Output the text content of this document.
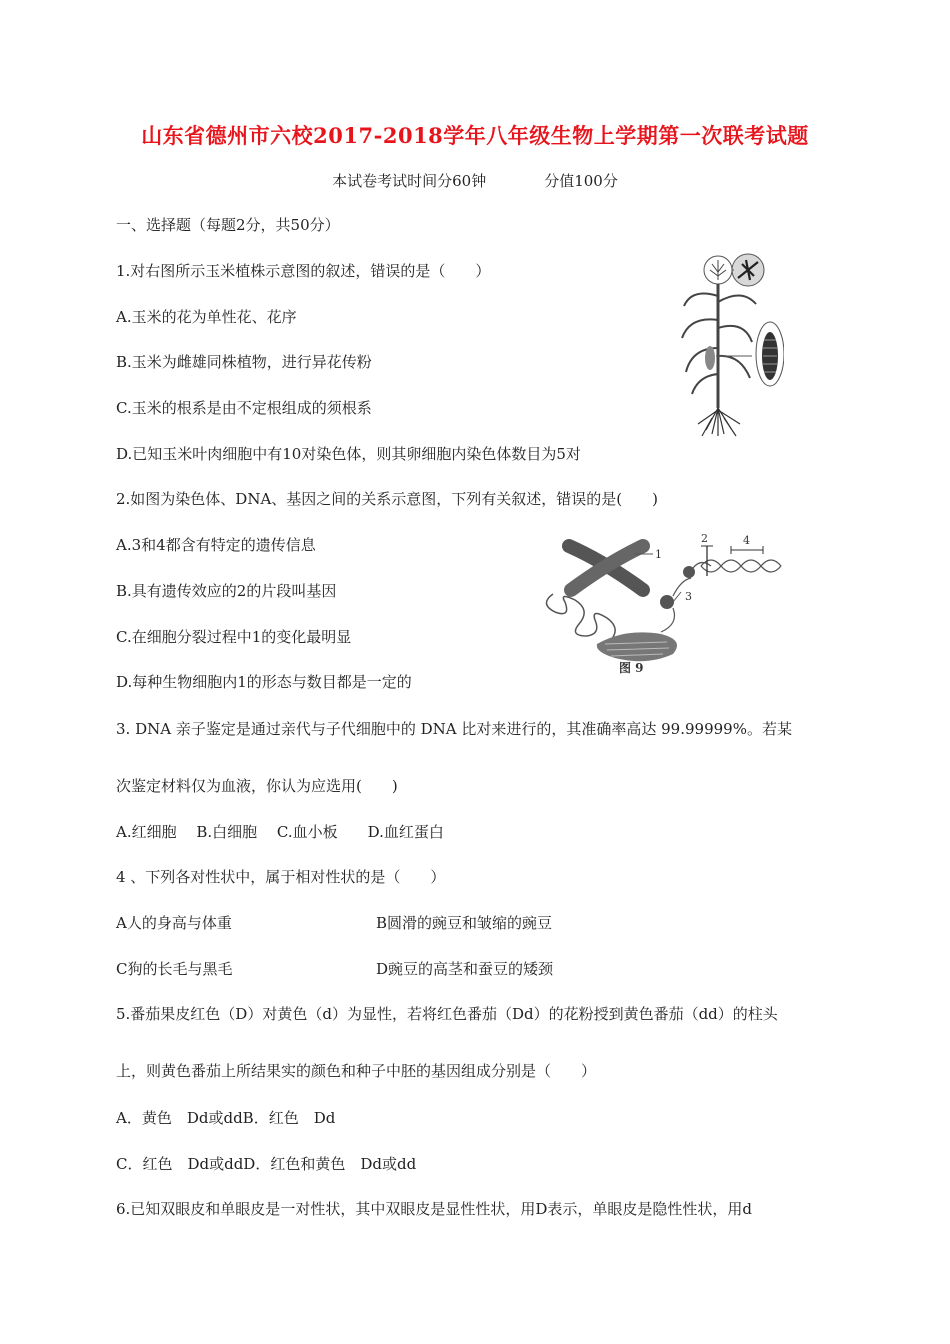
山东省德州市六校2017-2018学年八年级生物上学期第一次联考试题
本试卷考试时间分60钟	分值100分
一、选择题（每题2分，共50分）
1.对右图所示玉米植株示意图的叙述，错误的是（　　）
A.玉米的花为单性花、花序
B.玉米为雌雄同株植物，进行异花传粉
C.玉米的根系是由不定根组成的须根系
D.已知玉米叶肉细胞中有10对染色体，则其卵细胞内染色体数目为5对
2.如图为染色体、DNA、基因之间的关系示意图，下列有关叙述，错误的是(　　)
A.3和4都含有特定的遗传信息
B.具有遗传效应的2的片段叫基因
C.在细胞分裂过程中1的变化最明显
D.每种生物细胞内1的形态与数目都是一定的
1
3
2	4
图 9
3. DNA 亲子鉴定是通过亲代与子代细胞中的 DNA 比对来进行的，其准确率高达 99.99999%。若某
次鉴定材料仅为血液，你认为应选用(　　)
A.红细胞　 B.白细胞　 C.血小板　　D.血红蛋白
4 、下列各对性状中，属于相对性状的是（　　）
A人的身高与体重	B圆滑的豌豆和皱缩的豌豆
C狗的长毛与黑毛	D豌豆的高茎和蚕豆的矮颈
5.番茄果皮红色（D）对黄色（d）为显性，若将红色番茄（Dd）的花粉授到黄色番茄（dd）的柱头
上，则黄色番茄上所结果实的颜色和种子中胚的基因组成分别是（　　）
A．黄色　Dd或ddB．红色　Dd
C．红色　Dd或ddD．红色和黄色　Dd或dd
6.已知双眼皮和单眼皮是一对性状，其中双眼皮是显性性状，用D表示，单眼皮是隐性性状，用d
